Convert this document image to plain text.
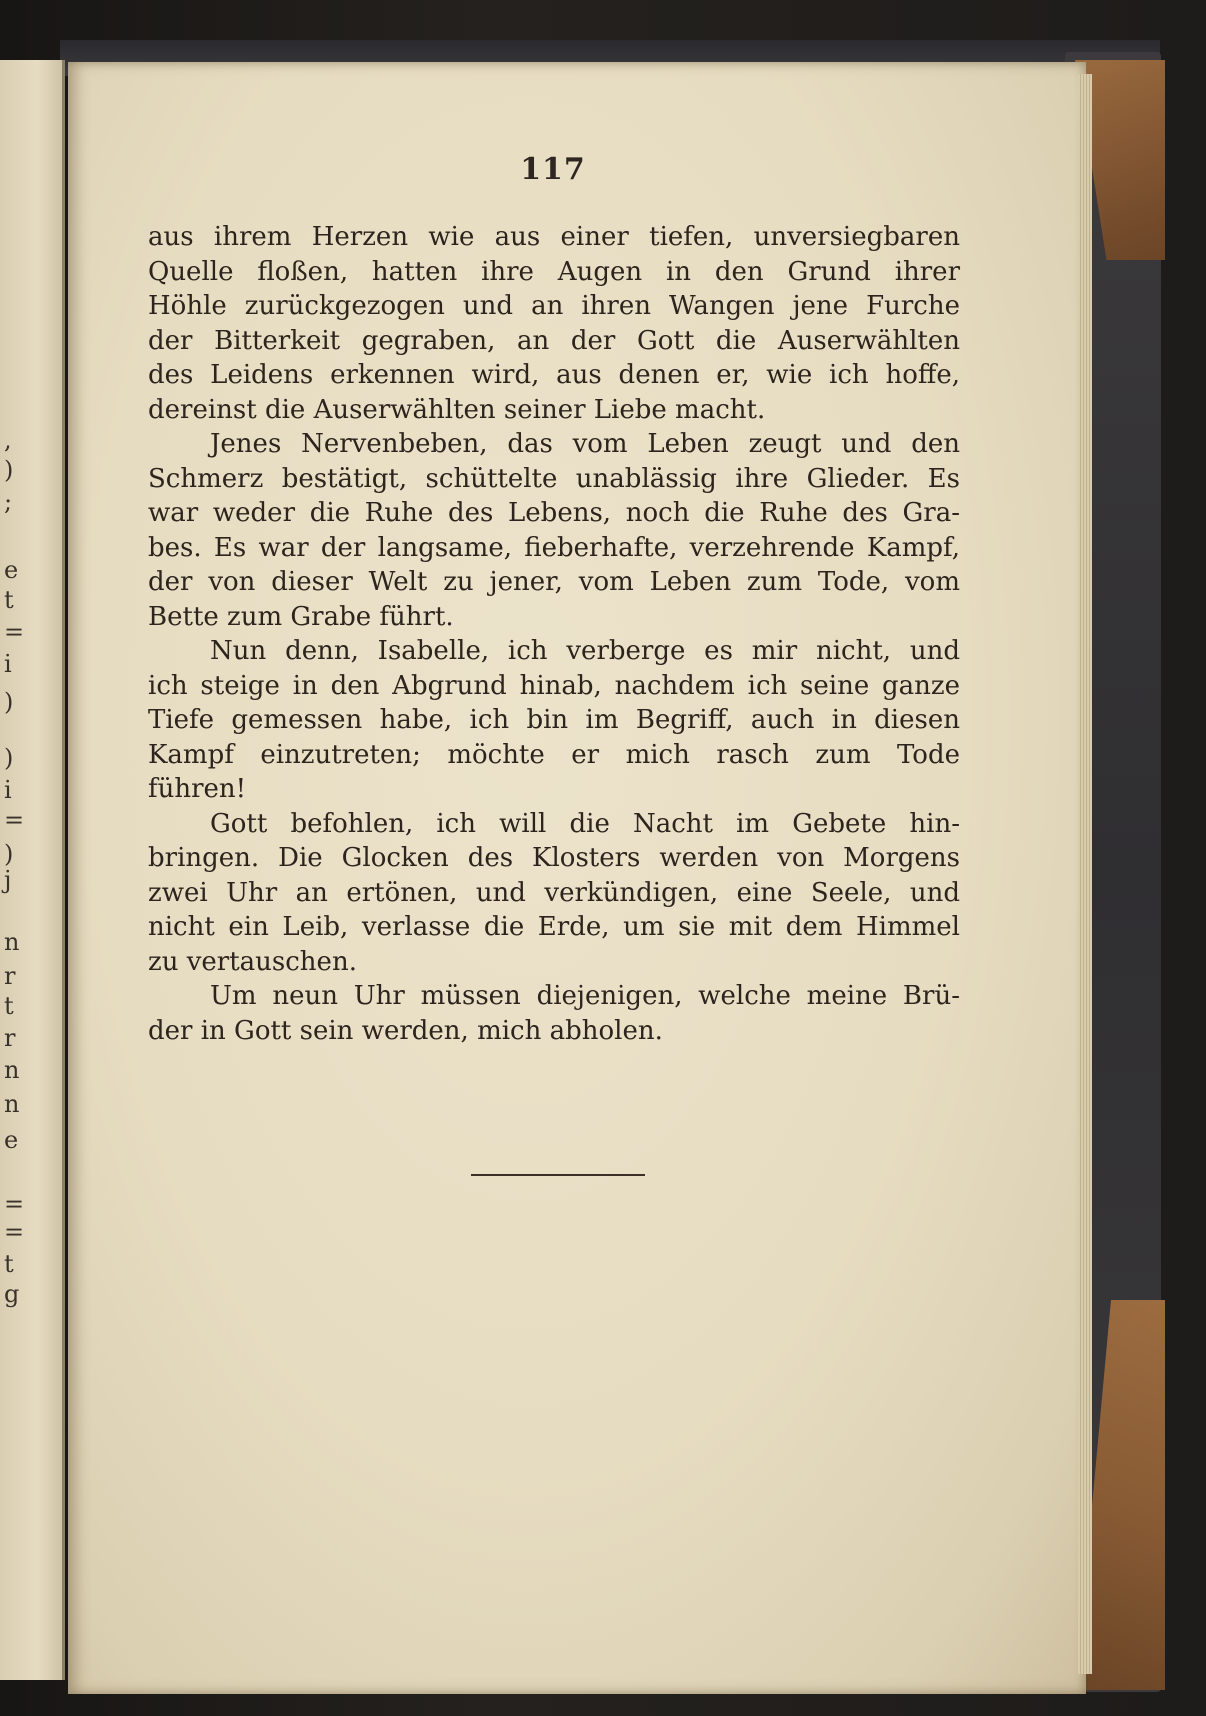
,
)
;
e
t
=
i
)
)
i
=
)
j
n
r
t
r
n
n
e
=
=
t
g
117
aus ihrem Herzen wie aus einer tiefen, unversiegbaren
Quelle floßen, hatten ihre Augen in den Grund ihrer
Höhle zurückgezogen und an ihren Wangen jene Furche
der Bitterkeit gegraben, an der Gott die Auserwählten
des Leidens erkennen wird, aus denen er, wie ich hoffe,
dereinst die Auserwählten seiner Liebe macht.
Jenes Nervenbeben, das vom Leben zeugt und den
Schmerz bestätigt, schüttelte unablässig ihre Glieder. Es
war weder die Ruhe des Lebens, noch die Ruhe des Gra-
bes. Es war der langsame, fieberhafte, verzehrende Kampf,
der von dieser Welt zu jener, vom Leben zum Tode, vom
Bette zum Grabe führt.
Nun denn, Isabelle, ich verberge es mir nicht, und
ich steige in den Abgrund hinab, nachdem ich seine ganze
Tiefe gemessen habe, ich bin im Begriff, auch in diesen
Kampf einzutreten; möchte er mich rasch zum Tode
führen!
Gott befohlen, ich will die Nacht im Gebete hin-
bringen. Die Glocken des Klosters werden von Morgens
zwei Uhr an ertönen, und verkündigen, eine Seele, und
nicht ein Leib, verlasse die Erde, um sie mit dem Himmel
zu vertauschen.
Um neun Uhr müssen diejenigen, welche meine Brü-
der in Gott sein werden, mich abholen.
